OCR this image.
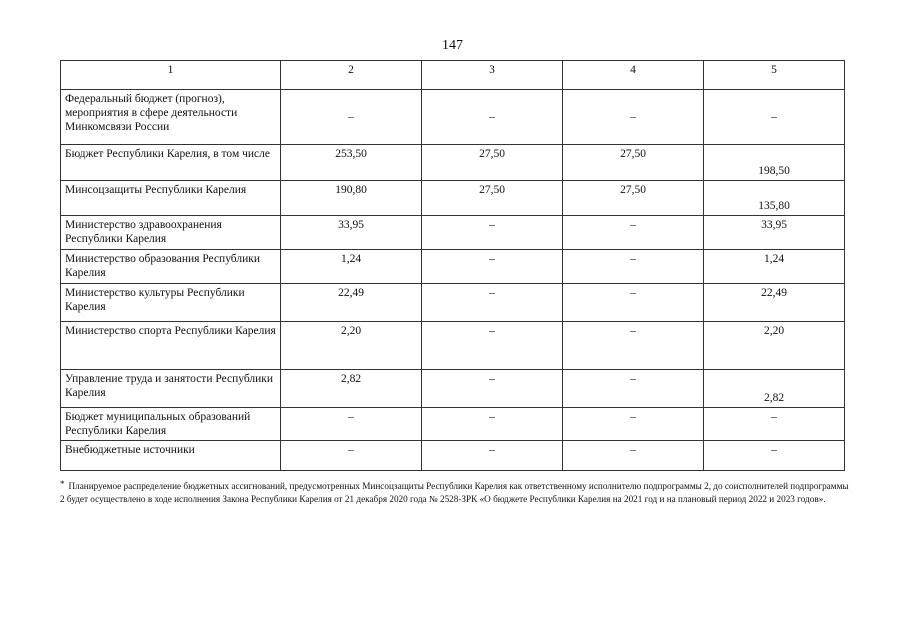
147
1	2	3	4	5
Федеральный бюджет (прогноз), мероприятия в сфере деятельности Минкомсвязи России	–	–	–	–
Бюджет Республики Карелия, в том числе	253,50	27,50	27,50	198,50
Минсоцзащиты Республики Карелия	190,80	27,50	27,50	135,80
Министерство здравоохранения Республики Карелия	33,95	–	–	33,95
Министерство образования Республики Карелия	1,24	–	–	1,24
Министерство культуры Республики Карелия	22,49	–	–	22,49
Министерство спорта Республики Карелия	2,20	–	–	2,20
Управление труда и занятости Республики Карелия	2,82	–	–	2,82
Бюджет муниципальных образований Республики Карелия	–	–	–	–
Внебюджетные источники	–	–	–	–
* Планируемое распределение бюджетных ассигнований, предусмотренных Минсоцзащиты Республики Карелия как ответственному исполнителю подпрограммы 2, до соисполнителей подпрограммы 2 будет осуществлено в ходе исполнения Закона Республики Карелия от 21 декабря 2020 года № 2528-ЗРК «О бюджете Республики Карелия на 2021 год и на плановый период 2022 и 2023 годов».
